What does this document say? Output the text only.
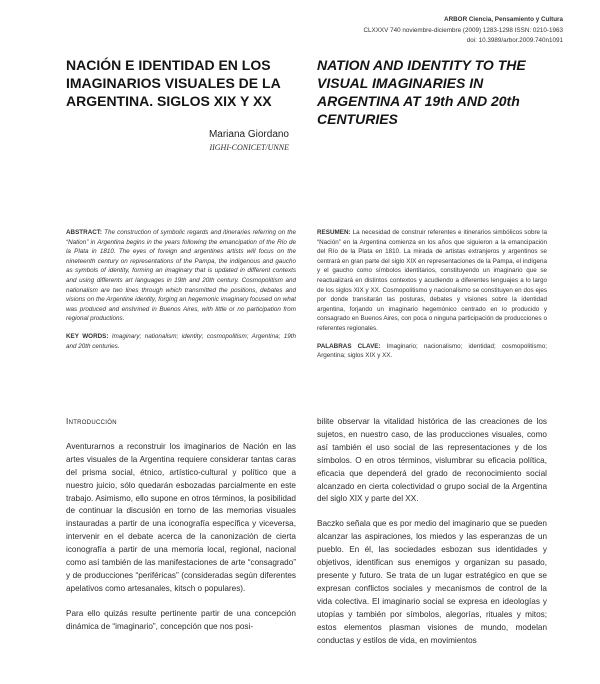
ARBOR Ciencia, Pensamiento y Cultura
CLXXXV 740 noviembre-diciembre (2009) 1283-1298 ISSN: 0210-1963
doi: 10.3989/arbor.2009.740n1091
NACIÓN E IDENTIDAD EN LOS IMAGINARIOS VISUALES DE LA ARGENTINA. SIGLOS XIX Y XX
NATION AND IDENTITY TO THE VISUAL IMAGINARIES IN ARGENTINA AT 19th AND 20th CENTURIES
Mariana Giordano
IIGHI-CONICET/UNNE

ABSTRACT: The construction of symbolic regards and itineraries referring on the “Nation” in Argentina begins in the years following the emancipation of the Río de la Plata in 1810. The eyes of foreign and argentines artists will focus on the nineteenth century on representations of the Pampa, the indigenous and gaucho as symbols of identity, forming an imaginary that is updated in different contexts and using differents art languages in 19th and 20th century. Cosmopolitism and nationalism are two lines through which transmitted the positions, debates and visions on the Argentine identity, forging an hegemonic imaginary focused on what was produced and enshrined in Buenos Aires, with little or no participation from regional productions.

KEY WORDS: Imaginary; nationalism; identity; cosmopolitism; Argentina; 19th and 20th centuries.

RESUMEN: La necesidad de construir referentes e itinerarios simbólicos sobre la “Nación” en la Argentina comienza en los años que siguieron a la emancipación del Río de la Plata en 1810. La mirada de artistas extranjeros y argentinos se centrará en gran parte del siglo XIX en representaciones de la Pampa, el indígena y el gaucho como símbolos identitarios, constituyendo un imaginario que se reactualizará en distintos contextos y acudiendo a diferentes lenguajes a lo largo de los siglos XIX y XX. Cosmopolitismo y nacionalismo se constituyen en dos ejes por donde transitarán las posturas, debates y visiones sobre la identidad argentina, forjando un imaginario hegemónico centrado en lo producido y consagrado en Buenos Aires, con poca o ninguna participación de producciones o referentes regionales.

PALABRAS CLAVE: Imaginario; nacionalismo; identidad; cosmopolitismo; Argentina; siglos XIX y XX.

Introducción

Aventurarnos a reconstruir los imaginarios de Nación en las artes visuales de la Argentina requiere considerar tantas caras del prisma social, étnico, artístico-cultural y político que a nuestro juicio, sólo quedarán esbozadas parcialmente en este trabajo. Asimismo, ello supone en otros términos, la posibilidad de continuar la discusión en torno de las memorias visuales instauradas a partir de una iconografía específica y viceversa, intervenir en el debate acerca de la canonización de cierta iconografía a partir de una memoria local, regional, nacional como así también de las manifestaciones de arte “consagrado” y de producciones “periféricas” (consideradas según diferentes apelativos como artesanales, kitsch o populares).

Para ello quizás resulte pertinente partir de una concepción dinámica de “imaginario”, concepción que nos posi-

bilite observar la vitalidad histórica de las creaciones de los sujetos, en nuestro caso, de las producciones visuales, como así también el uso social de las representaciones y de los símbolos. O en otros términos, vislumbrar su eficacia política, eficacia que dependerá del grado de reconocimiento social alcanzado en cierta colectividad o grupo social de la Argentina del siglo XIX y parte del XX.

Baczko señala que es por medio del imaginario que se pueden alcanzar las aspiraciones, los miedos y las esperanzas de un pueblo. En él, las sociedades esbozan sus identidades y objetivos, identifican sus enemigos y organizan su pasado, presente y futuro. Se trata de un lugar estratégico en que se expresan conflictos sociales y mecanismos de control de la vida colectiva. El imaginario social se expresa en ideologías y utopías y también por símbolos, alegorías, rituales y mitos; estos elementos plasman visiones de mundo, modelan conductas y estilos de vida, en movimientos
